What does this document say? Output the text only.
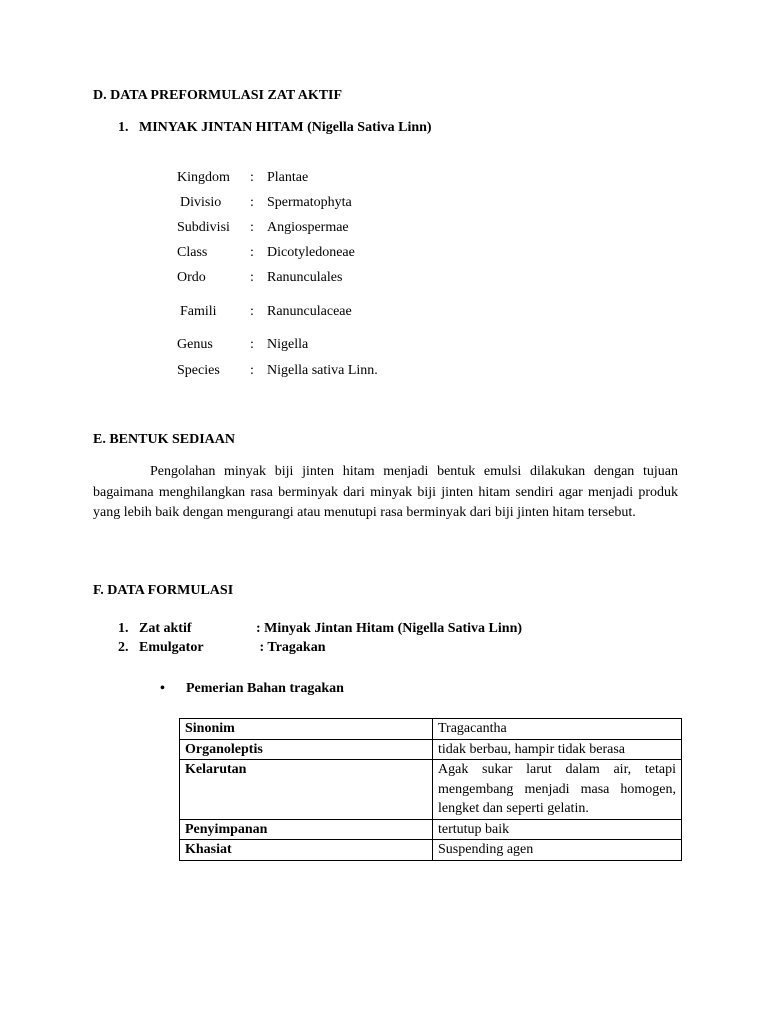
D. DATA PREFORMULASI ZAT AKTIF
1. MINYAK JINTAN HITAM (Nigella Sativa Linn)
Kingdom : Plantae
Divisio : Spermatophyta
Subdivisi : Angiospermae
Class	: Dicotyledoneae
Ordo	: Ranunculales
Famili : Ranunculaceae
Genus	: Nigella
Species : Nigella sativa Linn.
E. BENTUK SEDIAAN

Pengolahan minyak biji jinten hitam menjadi bentuk emulsi dilakukan dengan tujuan bagaimana menghilangkan rasa berminyak dari minyak biji jinten hitam sendiri agar menjadi produk yang lebih baik dengan mengurangi atau menutupi rasa berminyak dari biji jinten hitam tersebut.

F. DATA FORMULASI
1. Zat aktif	: Minyak Jintan Hitam (Nigella Sativa Linn)
2. Emulgator	: Tragakan
• Pemerian Bahan tragakan
Sinonim	Tragacantha
Organoleptis	tidak berbau, hampir tidak berasa
Kelarutan	Agak sukar larut dalam air, tetapi mengembang menjadi masa homogen, lengket dan seperti gelatin.
Penyimpanan	tertutup baik
Khasiat	Suspending agen
